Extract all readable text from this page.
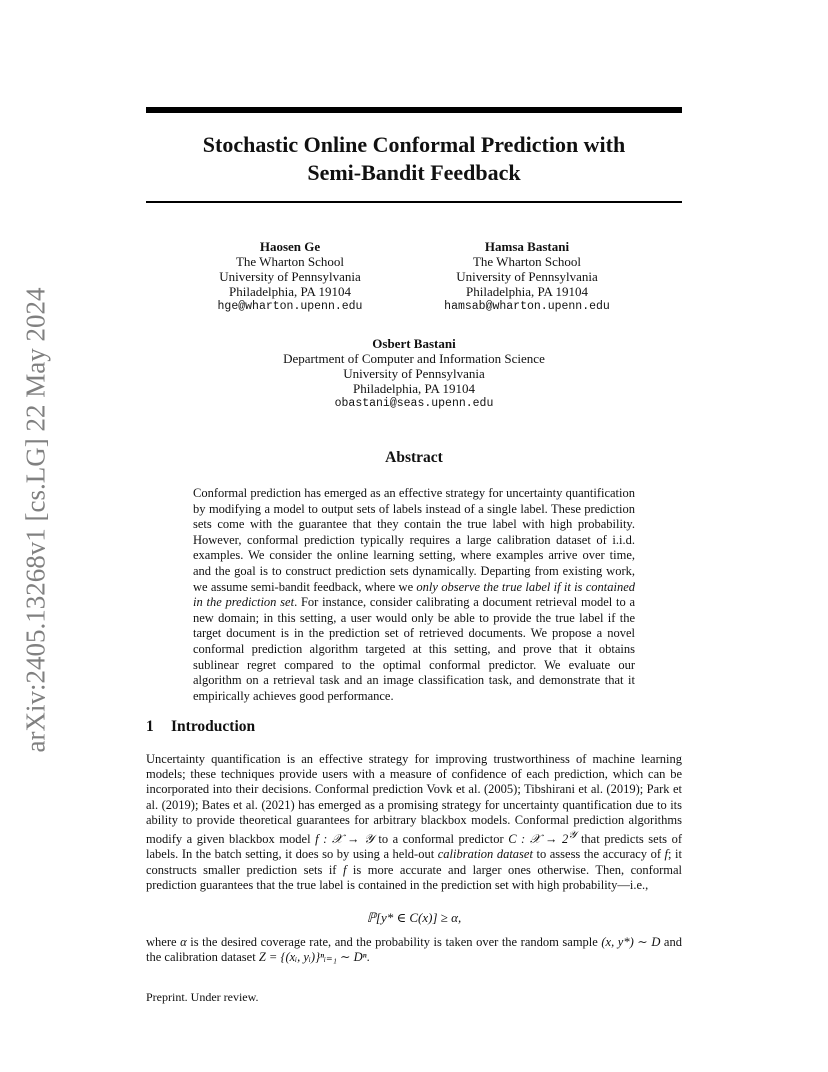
arXiv:2405.13268v1 [cs.LG] 22 May 2024
Stochastic Online Conformal Prediction with
Semi-Bandit Feedback
Haosen Ge
The Wharton School
University of Pennsylvania
Philadelphia, PA 19104
hge@wharton.upenn.edu
Hamsa Bastani
The Wharton School
University of Pennsylvania
Philadelphia, PA 19104
hamsab@wharton.upenn.edu
Osbert Bastani
Department of Computer and Information Science
University of Pennsylvania
Philadelphia, PA 19104
obastani@seas.upenn.edu
Abstract

Conformal prediction has emerged as an effective strategy for uncertainty quantification by modifying a model to output sets of labels instead of a single label. These prediction sets come with the guarantee that they contain the true label with high probability. However, conformal prediction typically requires a large calibration dataset of i.i.d. examples. We consider the online learning setting, where examples arrive over time, and the goal is to construct prediction sets dynamically. Departing from existing work, we assume semi-bandit feedback, where we only observe the true label if it is contained in the prediction set. For instance, consider calibrating a document retrieval model to a new domain; in this setting, a user would only be able to provide the true label if the target document is in the prediction set of retrieved documents. We propose a novel conformal prediction algorithm targeted at this setting, and prove that it obtains sublinear regret compared to the optimal conformal predictor. We evaluate our algorithm on a retrieval task and an image classification task, and demonstrate that it empirically achieves good performance.

1 Introduction

Uncertainty quantification is an effective strategy for improving trustworthiness of machine learning models; these techniques provide users with a measure of confidence of each prediction, which can be incorporated into their decisions. Conformal prediction Vovk et al. (2005); Tibshirani et al. (2019); Park et al. (2019); Bates et al. (2021) has emerged as a promising strategy for uncertainty quantification due to its ability to provide theoretical guarantees for arbitrary blackbox models. Conformal prediction algorithms modify a given blackbox model f : 𝒳 → 𝒴 to a conformal predictor C : 𝒳 → $2^𝒴$ that predicts sets of labels. In the batch setting, it does so by using a held-out calibration dataset to assess the accuracy of f; it constructs smaller prediction sets if f is more accurate and larger ones otherwise. Then, conformal prediction guarantees that the true label is contained in the prediction set with high probability—i.e.,

ℙ[y* ∈ C(x)] ≥ α,

where α is the desired coverage rate, and the probability is taken over the random sample (x, y*) ∼ D and the calibration dataset Z = {(xᵢ, yᵢ)}ⁿᵢ₌₁ ∼ Dⁿ.

Preprint. Under review.
